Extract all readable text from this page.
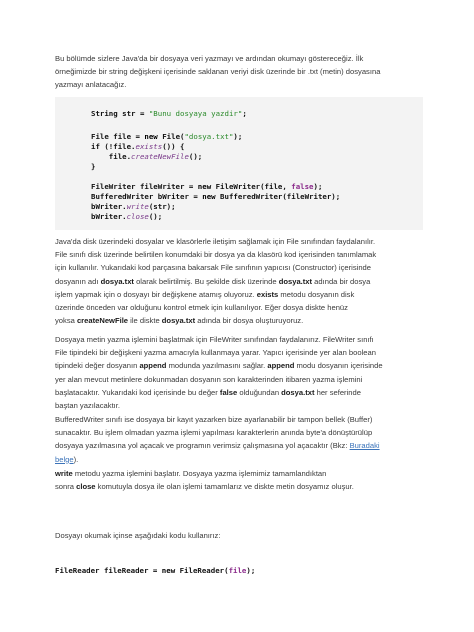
Bu bölümde sizlere Java'da bir dosyaya veri yazmayı ve ardından okumayı göstereceğiz. İlk
örneğimizde bir string değişkeni içerisinde saklanan veriyi disk üzerinde bir .txt (metin) dosyasına
yazmayı anlatacağız.

String str = "Bunu dosyaya yazdir";
File file = new File("dosya.txt");
if (!file.exists()) {
file.createNewFile();
}
FileWriter fileWriter = new FileWriter(file, false);
BufferedWriter bWriter = new BufferedWriter(fileWriter);
bWriter.write(str);
bWriter.close();

Java'da disk üzerindeki dosyalar ve klasörlerle iletişim sağlamak için File sınıfından faydalanılır.
File sınıfı disk üzerinde belirtilen konumdaki bir dosya ya da klasörü kod içerisinden tanımlamak
için kullanılır. Yukarıdaki kod parçasına bakarsak File sınıfının yapıcısı (Constructor) içerisinde
dosyanın adı dosya.txt olarak belirtilmiş. Bu şekilde disk üzerinde dosya.txt adında bir dosya
işlem yapmak için o dosyayı bir değişkene atamış oluyoruz. exists metodu dosyanın disk
üzerinde önceden var olduğunu kontrol etmek için kullanılıyor. Eğer dosya diskte henüz
yoksa createNewFile ile diskte dosya.txt adında bir dosya oluşturuyoruz.

Dosyaya metin yazma işlemini başlatmak için FileWriter sınıfından faydalanırız. FileWriter sınıfı
File tipindeki bir değişkeni yazma amacıyla kullanmaya yarar. Yapıcı içerisinde yer alan boolean
tipindeki değer dosyanın append modunda yazılmasını sağlar. append modu dosyanın içerisinde
yer alan mevcut metinlere dokunmadan dosyanın son karakterinden itibaren yazma işlemini
başlatacaktır. Yukarıdaki kod içerisinde bu değer false olduğundan dosya.txt her seferinde
baştan yazılacaktır.

BufferedWriter sınıfı ise dosyaya bir kayıt yazarken bize ayarlanabilir bir tampon bellek (Buffer)
sunacaktır. Bu işlem olmadan yazma işlemi yapılması karakterlerin anında byte'a dönüştürülüp
dosyaya yazılmasına yol açacak ve programın verimsiz çalışmasına yol açacaktır (Bkz: Buradaki
belge).

write metodu yazma işlemini başlatır. Dosyaya yazma işlemimiz tamamlandıktan
sonra close komutuyla dosya ile olan işlemi tamamlarız ve diskte metin dosyamız oluşur.

Dosyayı okumak içinse aşağıdaki kodu kullanırız:

FileReader fileReader = new FileReader(file);
